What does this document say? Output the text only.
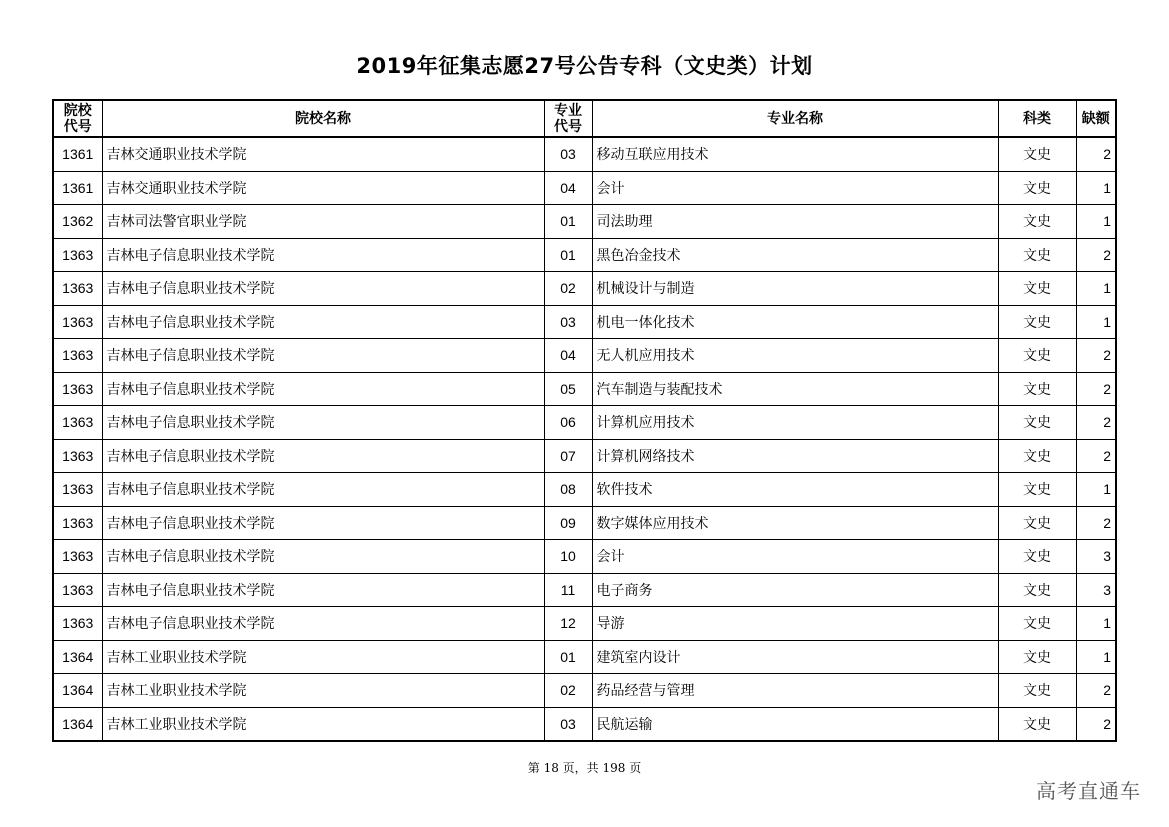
2019年征集志愿27号公告专科（文史类）计划
院校代号	院校名称	专业代号	专业名称	科类	缺额
1361	吉林交通职业技术学院	03	移动互联应用技术	文史	2
1361	吉林交通职业技术学院	04	会计	文史	1
1362	吉林司法警官职业学院	01	司法助理	文史	1
1363	吉林电子信息职业技术学院	01	黑色冶金技术	文史	2
1363	吉林电子信息职业技术学院	02	机械设计与制造	文史	1
1363	吉林电子信息职业技术学院	03	机电一体化技术	文史	1
1363	吉林电子信息职业技术学院	04	无人机应用技术	文史	2
1363	吉林电子信息职业技术学院	05	汽车制造与装配技术	文史	2
1363	吉林电子信息职业技术学院	06	计算机应用技术	文史	2
1363	吉林电子信息职业技术学院	07	计算机网络技术	文史	2
1363	吉林电子信息职业技术学院	08	软件技术	文史	1
1363	吉林电子信息职业技术学院	09	数字媒体应用技术	文史	2
1363	吉林电子信息职业技术学院	10	会计	文史	3
1363	吉林电子信息职业技术学院	11	电子商务	文史	3
1363	吉林电子信息职业技术学院	12	导游	文史	1
1364	吉林工业职业技术学院	01	建筑室内设计	文史	1
1364	吉林工业职业技术学院	02	药品经营与管理	文史	2
1364	吉林工业职业技术学院	03	民航运输	文史	2
第 18 页，共 198 页
高考直通车
